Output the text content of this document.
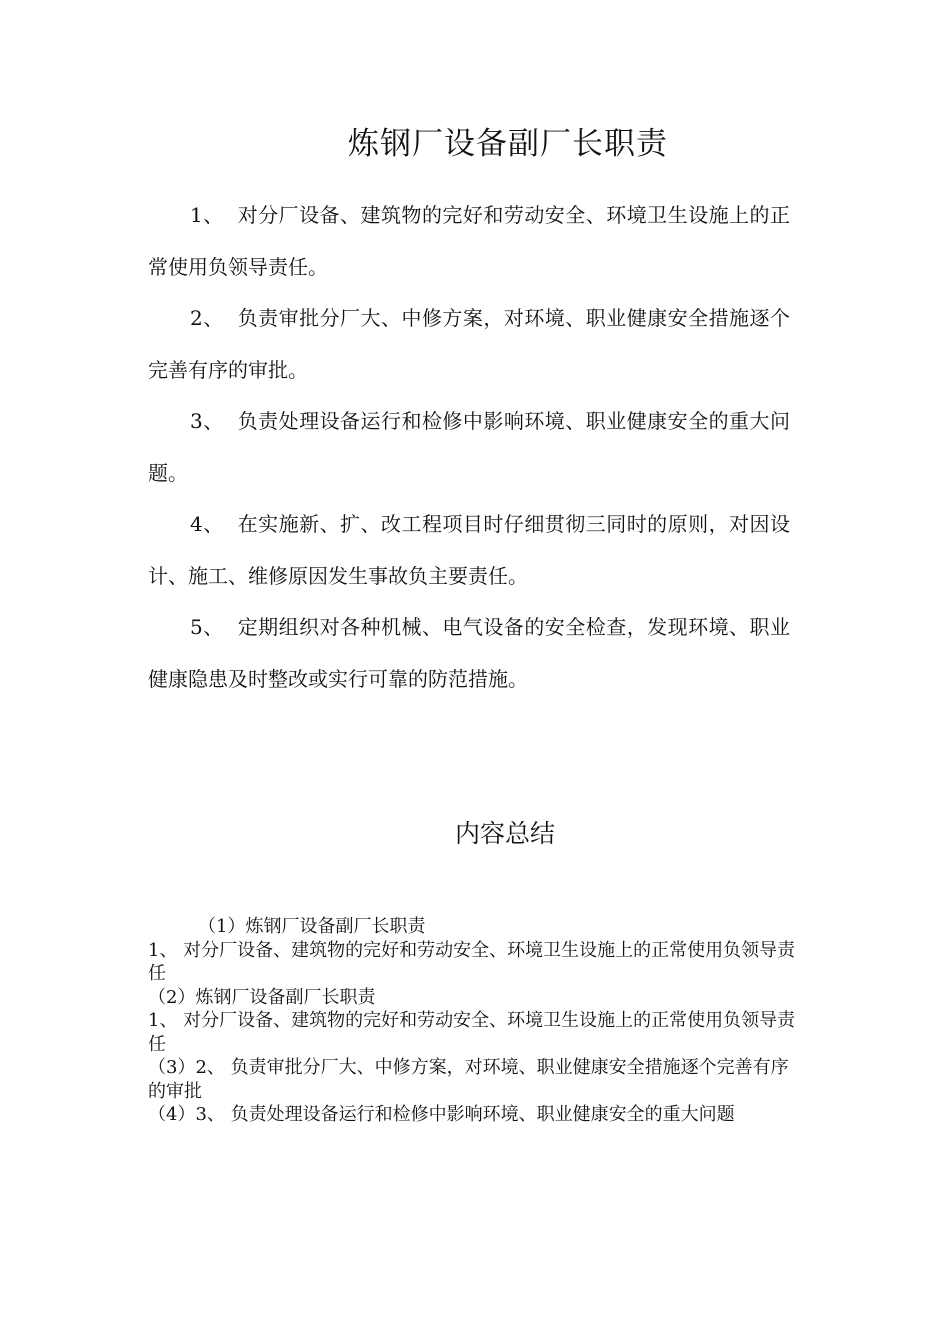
炼钢厂设备副厂长职责

1、 对分厂设备、建筑物的完好和劳动安全、环境卫生设施上的正常使用负领导责任。

2、 负责审批分厂大、中修方案，对环境、职业健康安全措施逐个完善有序的审批。

3、 负责处理设备运行和检修中影响环境、职业健康安全的重大问题。

4、 在实施新、扩、改工程项目时仔细贯彻三同时的原则，对因设计、施工、维修原因发生事故负主要责任。

5、 定期组织对各种机械、电气设备的安全检查，发现环境、职业健康隐患及时整改或实行可靠的防范措施。

内容总结
（1）炼钢厂设备副厂长职责
1、 对分厂设备、建筑物的完好和劳动安全、环境卫生设施上的正常使用负领导责任
（2）炼钢厂设备副厂长职责
1、 对分厂设备、建筑物的完好和劳动安全、环境卫生设施上的正常使用负领导责任
（3）2、 负责审批分厂大、中修方案，对环境、职业健康安全措施逐个完善有序的审批
（4）3、 负责处理设备运行和检修中影响环境、职业健康安全的重大问题
